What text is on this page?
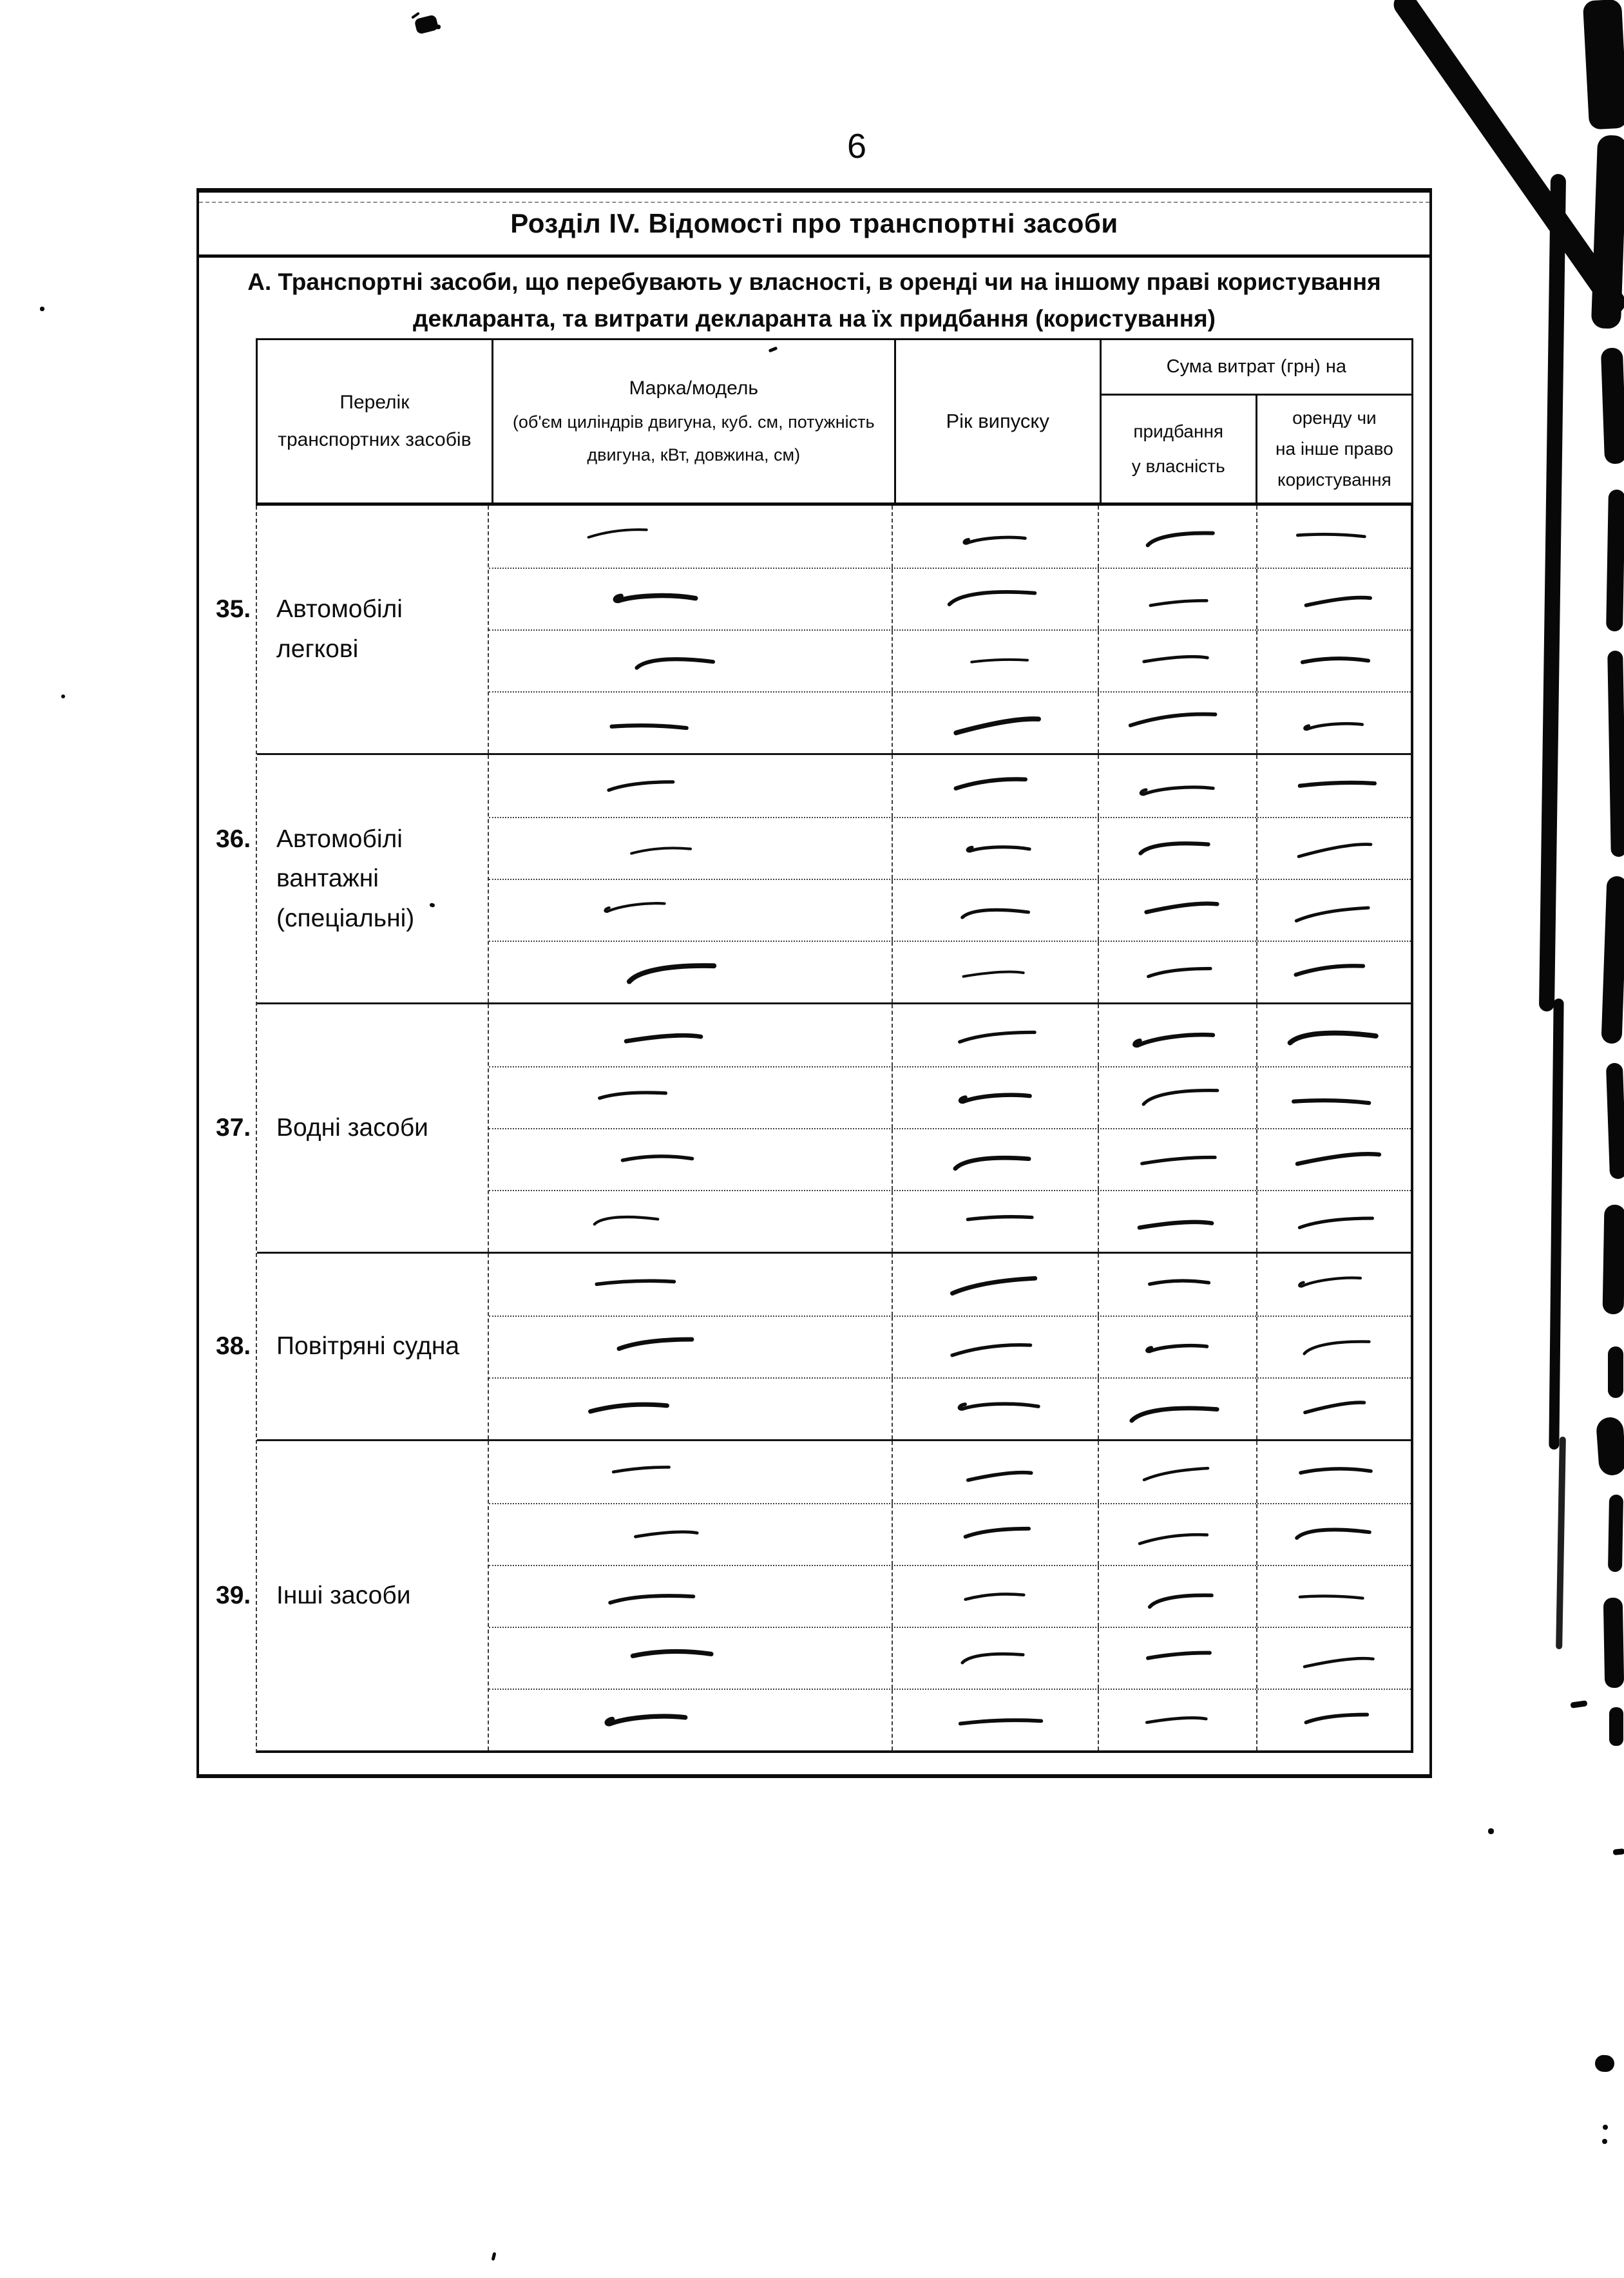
6
Розділ IV. Відомості про транспортні засоби
А. Транспортні засоби, що перебувають у власності, в оренді чи на іншому праві користування
декларанта, та витрати декларанта на їх придбання (користування)
Перелік
транспортних засобів
Марка/модель
(об'єм циліндрів двигуна, куб. см, потужність
двигуна, кВт, довжина, см)
Рік випуску
Сума витрат (грн) на
придбання
у власність
оренду чи
на інше право
користування
Автомобілі
35.
легкові
Автомобілі
36.
вантажні
(спеціальні)
Водні засоби
37.
Повітряні судна
38.
Інші засоби
39.
